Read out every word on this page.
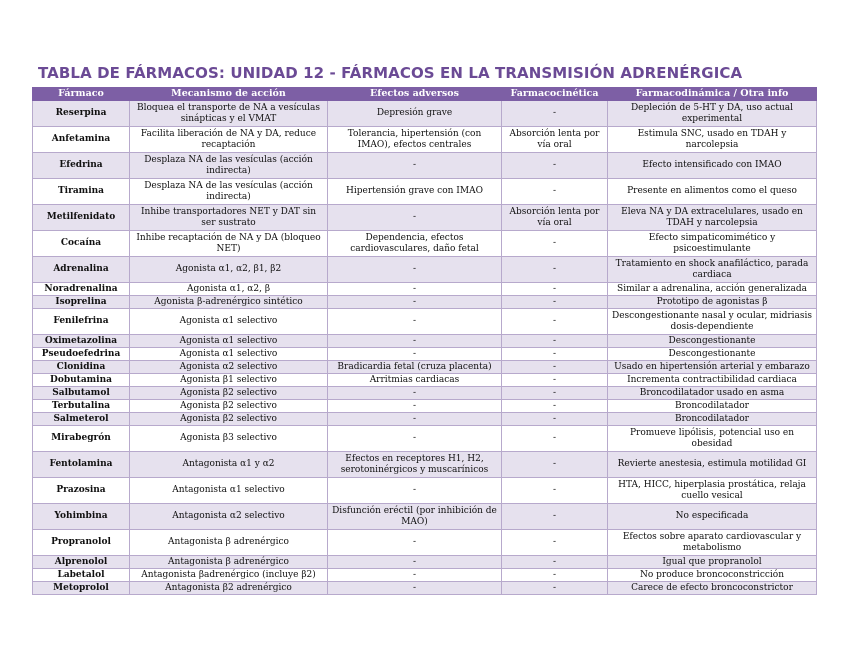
TABLA DE FÁRMACOS: UNIDAD 12 - FÁRMACOS EN LA TRANSMISIÓN ADRENÉRGICA
Fármaco	Mecanismo de acción	Efectos adversos	Farmacocinética	Farmacodinámica / Otra info
Reserpina	Bloquea el transporte de NA a vesículas sinápticas y el VMAT	Depresión grave	-	Depleción de 5-HT y DA, uso actual experimental
Anfetamina	Facilita liberación de NA y DA, reduce recaptación	Tolerancia, hipertensión (con IMAO), efectos centrales	Absorción lenta por vía oral	Estimula SNC, usado en TDAH y narcolepsia
Efedrina	Desplaza NA de las vesículas (acción indirecta)	-	-	Efecto intensificado con IMAO
Tiramina	Desplaza NA de las vesículas (acción indirecta)	Hipertensión grave con IMAO	-	Presente en alimentos como el queso
Metilfenidato	Inhibe transportadores NET y DAT sin ser sustrato	-	Absorción lenta por vía oral	Eleva NA y DA extracelulares, usado en TDAH y narcolepsia
Cocaína	Inhibe recaptación de NA y DA (bloqueo NET)	Dependencia, efectos cardiovasculares, daño fetal	-	Efecto simpaticomimético y psicoestimulante
Adrenalina	Agonista α1, α2, β1, β2	-	-	Tratamiento en shock anafiláctico, parada cardiaca
Noradrenalina	Agonista α1, α2, β	-	-	Similar a adrenalina, acción generalizada
Isoprelina	Agonista β-adrenérgico sintético	-	-	Prototipo de agonistas β
Fenilefrina	Agonista α1 selectivo	-	-	Descongestionante nasal y ocular, midriasis dosis-dependiente
Oximetazolina	Agonista α1 selectivo	-	-	Descongestionante
Pseudoefedrina	Agonista α1 selectivo	-	-	Descongestionante
Clonidina	Agonista α2 selectivo	Bradicardia fetal (cruza placenta)	-	Usado en hipertensión arterial y embarazo
Dobutamina	Agonista β1 selectivo	Arritmias cardiacas	-	Incrementa contractibilidad cardiaca
Salbutamol	Agonista β2 selectivo	-	-	Broncodilatador usado en asma
Terbutalina	Agonista β2 selectivo	-	-	Broncodilatador
Salmeterol	Agonista β2 selectivo	-	-	Broncodilatador
Mirabegrón	Agonista β3 selectivo	-	-	Promueve lipólisis, potencial uso en obesidad
Fentolamina	Antagonista α1 y α2	Efectos en receptores H1, H2, serotoninérgicos y muscarínicos	-	Revierte anestesia, estimula motilidad GI
Prazosina	Antagonista α1 selectivo	-	-	HTA, HICC, hiperplasia prostática, relaja cuello vesical
Yohimbina	Antagonista α2 selectivo	Disfunción eréctil (por inhibición de MAO)	-	No especificada
Propranolol	Antagonista β adrenérgico	-	-	Efectos sobre aparato cardiovascular y metabolismo
Alprenolol	Antagonista β adrenérgico	-	-	Igual que propranolol
Labetalol	Antagonista βadrenérgico (incluye β2)	-	-	No produce broncoconstricción
Metoprolol	Antagonista β2 adrenérgico	-	-	Carece de efecto broncoconstrictor
